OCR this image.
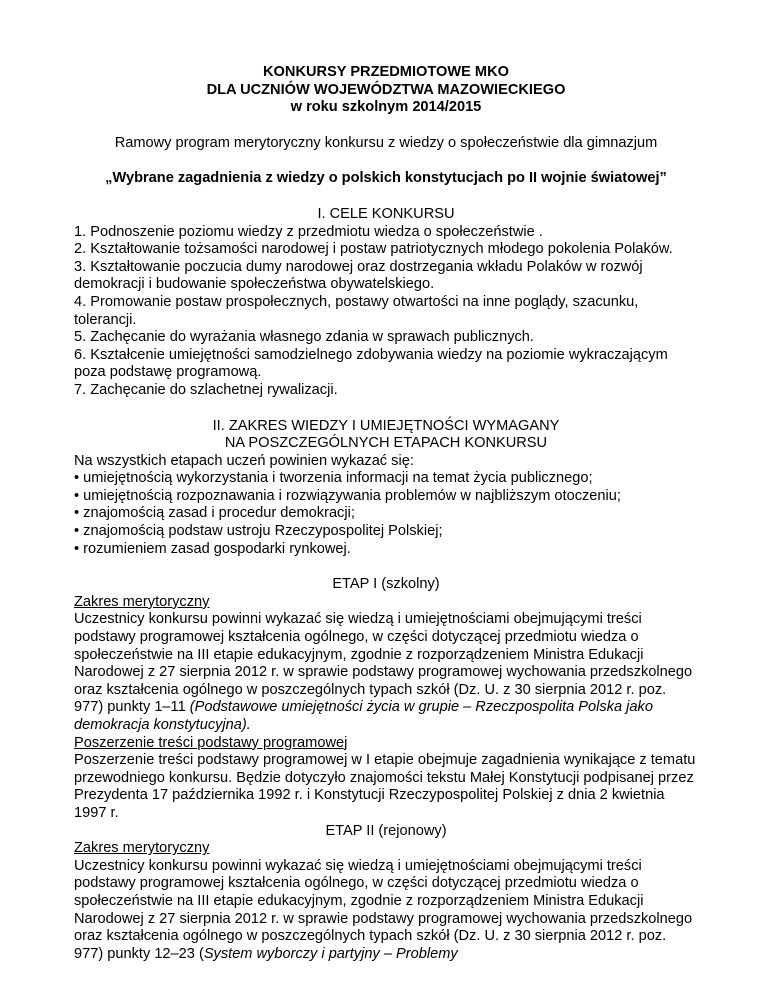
KONKURSY PRZEDMIOTOWE MKO
DLA UCZNIÓW WOJEWÓDZTWA MAZOWIECKIEGO
w roku szkolnym 2014/2015

Ramowy program merytoryczny konkursu z wiedzy o społeczeństwie dla gimnazjum

„Wybrane zagadnienia z wiedzy o polskich konstytucjach po II wojnie światowej”

I. CELE KONKURSU

1. Podnoszenie poziomu wiedzy z przedmiotu wiedza o społeczeństwie .

2. Kształtowanie tożsamości narodowej i postaw patriotycznych młodego pokolenia Polaków.

3. Kształtowanie poczucia dumy narodowej oraz dostrzegania wkładu Polaków w rozwój demokracji i budowanie społeczeństwa obywatelskiego.

4. Promowanie postaw prospołecznych, postawy otwartości na inne poglądy, szacunku, tolerancji.

5. Zachęcanie do wyrażania własnego zdania w sprawach publicznych.

6. Kształcenie umiejętności samodzielnego zdobywania wiedzy na poziomie wykraczającym poza podstawę programową.

7. Zachęcanie do szlachetnej rywalizacji.

II. ZAKRES WIEDZY I UMIEJĘTNOŚCI WYMAGANY
NA POSZCZEGÓLNYCH ETAPACH KONKURSU

Na wszystkich etapach uczeń powinien wykazać się:

• umiejętnością wykorzystania i tworzenia informacji na temat życia publicznego;

• umiejętnością rozpoznawania i rozwiązywania problemów w najbliższym otoczeniu;

• znajomością zasad i procedur demokracji;

• znajomością podstaw ustroju Rzeczypospolitej Polskiej;

• rozumieniem zasad gospodarki rynkowej.

ETAP I (szkolny)

Zakres merytoryczny

Uczestnicy konkursu powinni wykazać się wiedzą i umiejętnościami obejmującymi treści podstawy programowej kształcenia ogólnego, w części dotyczącej przedmiotu wiedza o społeczeństwie na III etapie edukacyjnym, zgodnie z rozporządzeniem Ministra Edukacji Narodowej z 27 sierpnia 2012 r. w sprawie podstawy programowej wychowania przedszkolnego oraz kształcenia ogólnego w poszczególnych typach szkół (Dz. U. z 30 sierpnia 2012 r. poz. 977) punkty 1–11 (Podstawowe umiejętności życia w grupie – Rzeczpospolita Polska jako demokracja konstytucyjna).

Poszerzenie treści podstawy programowej

Poszerzenie treści podstawy programowej w I etapie obejmuje zagadnienia wynikające z tematu przewodniego konkursu. Będzie dotyczyło znajomości tekstu Małej Konstytucji podpisanej przez Prezydenta 17 października 1992 r. i Konstytucji Rzeczypospolitej Polskiej z dnia 2 kwietnia 1997 r.

ETAP II (rejonowy)

Zakres merytoryczny

Uczestnicy konkursu powinni wykazać się wiedzą i umiejętnościami obejmującymi treści podstawy programowej kształcenia ogólnego, w części dotyczącej przedmiotu wiedza o społeczeństwie na III etapie edukacyjnym, zgodnie z rozporządzeniem Ministra Edukacji Narodowej z 27 sierpnia 2012 r. w sprawie podstawy programowej wychowania przedszkolnego oraz kształcenia ogólnego w poszczególnych typach szkół (Dz. U. z 30 sierpnia 2012 r. poz. 977) punkty 12–23 (System wyborczy i partyjny – Problemy
